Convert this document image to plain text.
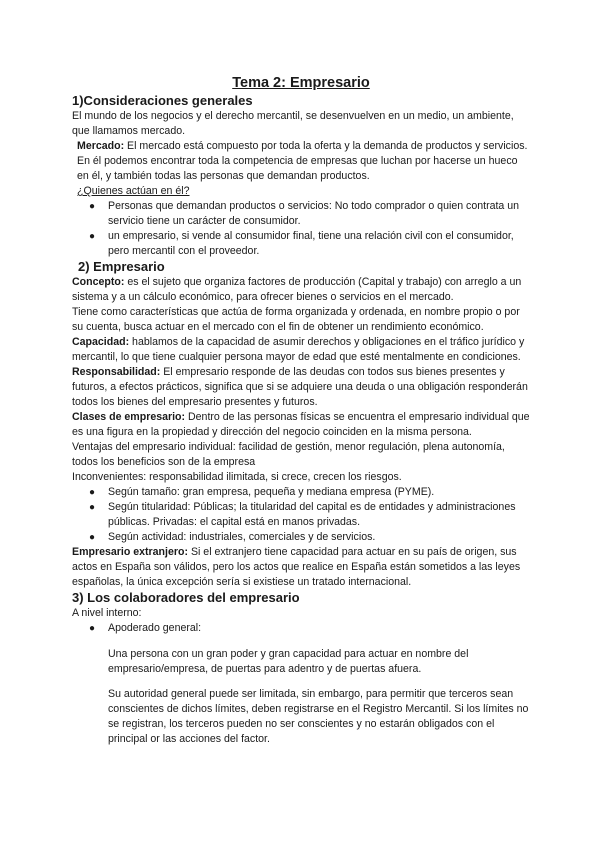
Tema 2: Empresario

1)Consideraciones generales

El mundo de los negocios y el derecho mercantil, se desenvuelven en un medio, un ambiente, que llamamos mercado.

Mercado: El mercado está compuesto por toda la oferta y la demanda de productos y servicios. En él podemos encontrar toda la competencia de empresas que luchan por hacerse un hueco en él, y también todas las personas que demandan productos.

¿Quienes actúan en él?

● Personas que demandan productos o servicios: No todo comprador o quien contrata un servicio tiene un carácter de consumidor.
● un empresario, si vende al consumidor final, tiene una relación civil con el consumidor, pero mercantil con el proveedor.

2) Empresario

Concepto: es el sujeto que organiza factores de producción (Capital y trabajo) con arreglo a un sistema y a un cálculo económico, para ofrecer bienes o servicios en el mercado.

Tiene como características que actúa de forma organizada y ordenada, en nombre propio o por su cuenta, busca actuar en el mercado con el fin de obtener un rendimiento económico.

Capacidad: hablamos de la capacidad de asumir derechos y obligaciones en el tráfico jurídico y mercantil, lo que tiene cualquier persona mayor de edad que esté mentalmente en condiciones.

Responsabilidad: El empresario responde de las deudas con todos sus bienes presentes y futuros, a efectos prácticos, significa que si se adquiere una deuda o una obligación responderán todos los bienes del empresario presentes y futuros.

Clases de empresario: Dentro de las personas físicas se encuentra el empresario individual que es una figura en la propiedad y dirección del negocio coinciden en la misma persona.

Ventajas del empresario individual: facilidad de gestión, menor regulación, plena autonomía, todos los beneficios son de la empresa

Inconvenientes: responsabilidad ilimitada, si crece, crecen los riesgos.

● Según tamaño: gran empresa, pequeña y mediana empresa (PYME).
● Según titularidad: Públicas; la titularidad del capital es de entidades y administraciones públicas. Privadas: el capital está en manos privadas.
● Según actividad: industriales, comerciales y de servicios.

Empresario extranjero: Si el extranjero tiene capacidad para actuar en su país de origen, sus actos en España son válidos, pero los actos que realice en España están sometidos a las leyes españolas, la única excepción sería si existiese un tratado internacional.

3) Los colaboradores del empresario

A nivel interno:

● Apoderado general:

Una persona con un gran poder y gran capacidad para actuar en nombre del empresario/empresa, de puertas para adentro y de puertas afuera.

Su autoridad general puede ser limitada, sin embargo, para permitir que terceros sean conscientes de dichos límites, deben registrarse en el Registro Mercantil. Si los límites no se registran, los terceros pueden no ser conscientes y no estarán obligados con el principal or las acciones del factor.
